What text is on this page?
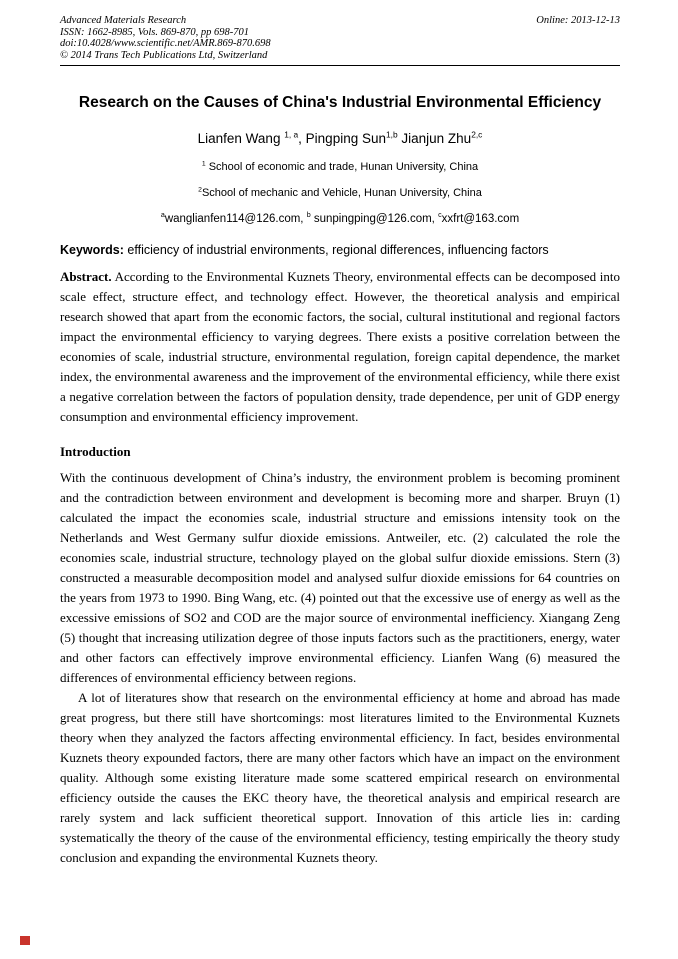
Advanced Materials Research
ISSN: 1662-8985, Vols. 869-870, pp 698-701
doi:10.4028/www.scientific.net/AMR.869-870.698
© 2014 Trans Tech Publications Ltd, Switzerland
Online: 2013-12-13
Research on the Causes of China's Industrial Environmental Efficiency
Lianfen Wang $^{1, a}$, Pingping Sun$^{1,b}$ Jianjun Zhu$^{2,c}$
$^1$ School of economic and trade, Hunan University, China
$^2$School of mechanic and Vehicle, Hunan University, China
$^a$wanglianfen114@126.com, $^b$ sunpingping@126.com, $^c$xxfrt@163.com
Keywords: efficiency of industrial environments, regional differences, influencing factors

Abstract. According to the Environmental Kuznets Theory, environmental effects can be decomposed into scale effect, structure effect, and technology effect. However, the theoretical analysis and empirical research showed that apart from the economic factors, the social, cultural institutional and regional factors impact the environmental efficiency to varying degrees. There exists a positive correlation between the economies of scale, industrial structure, environmental regulation, foreign capital dependence, the market index, the environmental awareness and the improvement of the environmental efficiency, while there exist a negative correlation between the factors of population density, trade dependence, per unit of GDP energy consumption and environmental efficiency improvement.

Introduction

With the continuous development of China’s industry, the environment problem is becoming prominent and the contradiction between environment and development is becoming more and sharper. Bruyn (1) calculated the impact the economies scale, industrial structure and emissions intensity took on the Netherlands and West Germany sulfur dioxide emissions. Antweiler, etc. (2) calculated the role the economies scale, industrial structure, technology played on the global sulfur dioxide emissions. Stern (3) constructed a measurable decomposition model and analysed sulfur dioxide emissions for 64 countries on the years from 1973 to 1990. Bing Wang, etc. (4) pointed out that the excessive use of energy as well as the excessive emissions of SO2 and COD are the major source of environmental inefficiency. Xiangang Zeng (5) thought that increasing utilization degree of those inputs factors such as the practitioners, energy, water and other factors can effectively improve environmental efficiency. Lianfen Wang (6) measured the differences of environmental efficiency between regions.

A lot of literatures show that research on the environmental efficiency at home and abroad has made great progress, but there still have shortcomings: most literatures limited to the Environmental Kuznets theory when they analyzed the factors affecting environmental efficiency. In fact, besides environmental Kuznets theory expounded factors, there are many other factors which have an impact on the environment quality. Although some existing literature made some scattered empirical research on environmental efficiency outside the causes the EKC theory have, the theoretical analysis and empirical research are rarely system and lack sufficient theoretical support. Innovation of this article lies in: carding systematically the theory of the cause of the environmental efficiency, testing empirically the theory study conclusion and expanding the environmental Kuznets theory.
